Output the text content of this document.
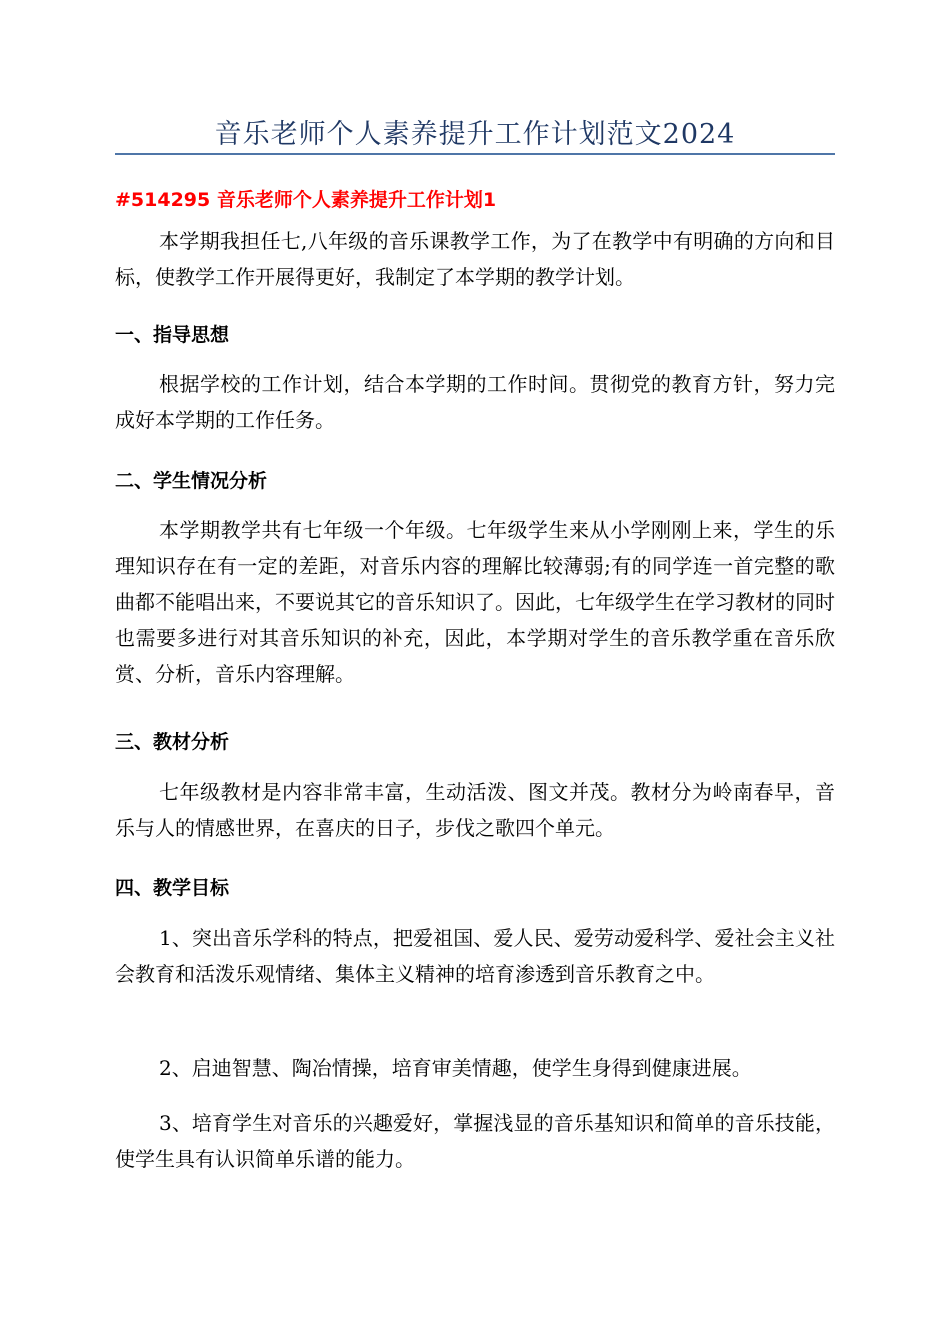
音乐老师个人素养提升工作计划范文2024
#514295 音乐老师个人素养提升工作计划1
本学期我担任七,八年级的音乐课教学工作，为了在教学中有明确的方向和目标，使教学工作开展得更好，我制定了本学期的教学计划。
一、指导思想
根据学校的工作计划，结合本学期的工作时间。贯彻党的教育方针，努力完成好本学期的工作任务。
二、学生情况分析
本学期教学共有七年级一个年级。七年级学生来从小学刚刚上来，学生的乐理知识存在有一定的差距，对音乐内容的理解比较薄弱;有的同学连一首完整的歌曲都不能唱出来，不要说其它的音乐知识了。因此，七年级学生在学习教材的同时也需要多进行对其音乐知识的补充，因此，本学期对学生的音乐教学重在音乐欣赏、分析，音乐内容理解。
三、教材分析
七年级教材是内容非常丰富，生动活泼、图文并茂。教材分为岭南春早，音乐与人的情感世界，在喜庆的日子，步伐之歌四个单元。
四、教学目标
1、突出音乐学科的特点，把爱祖国、爱人民、爱劳动爱科学、爱社会主义社会教育和活泼乐观情绪、集体主义精神的培育渗透到音乐教育之中。
2、启迪智慧、陶冶情操，培育审美情趣，使学生身得到健康进展。
3、培育学生对音乐的兴趣爱好，掌握浅显的音乐基知识和简单的音乐技能，使学生具有认识简单乐谱的能力。
